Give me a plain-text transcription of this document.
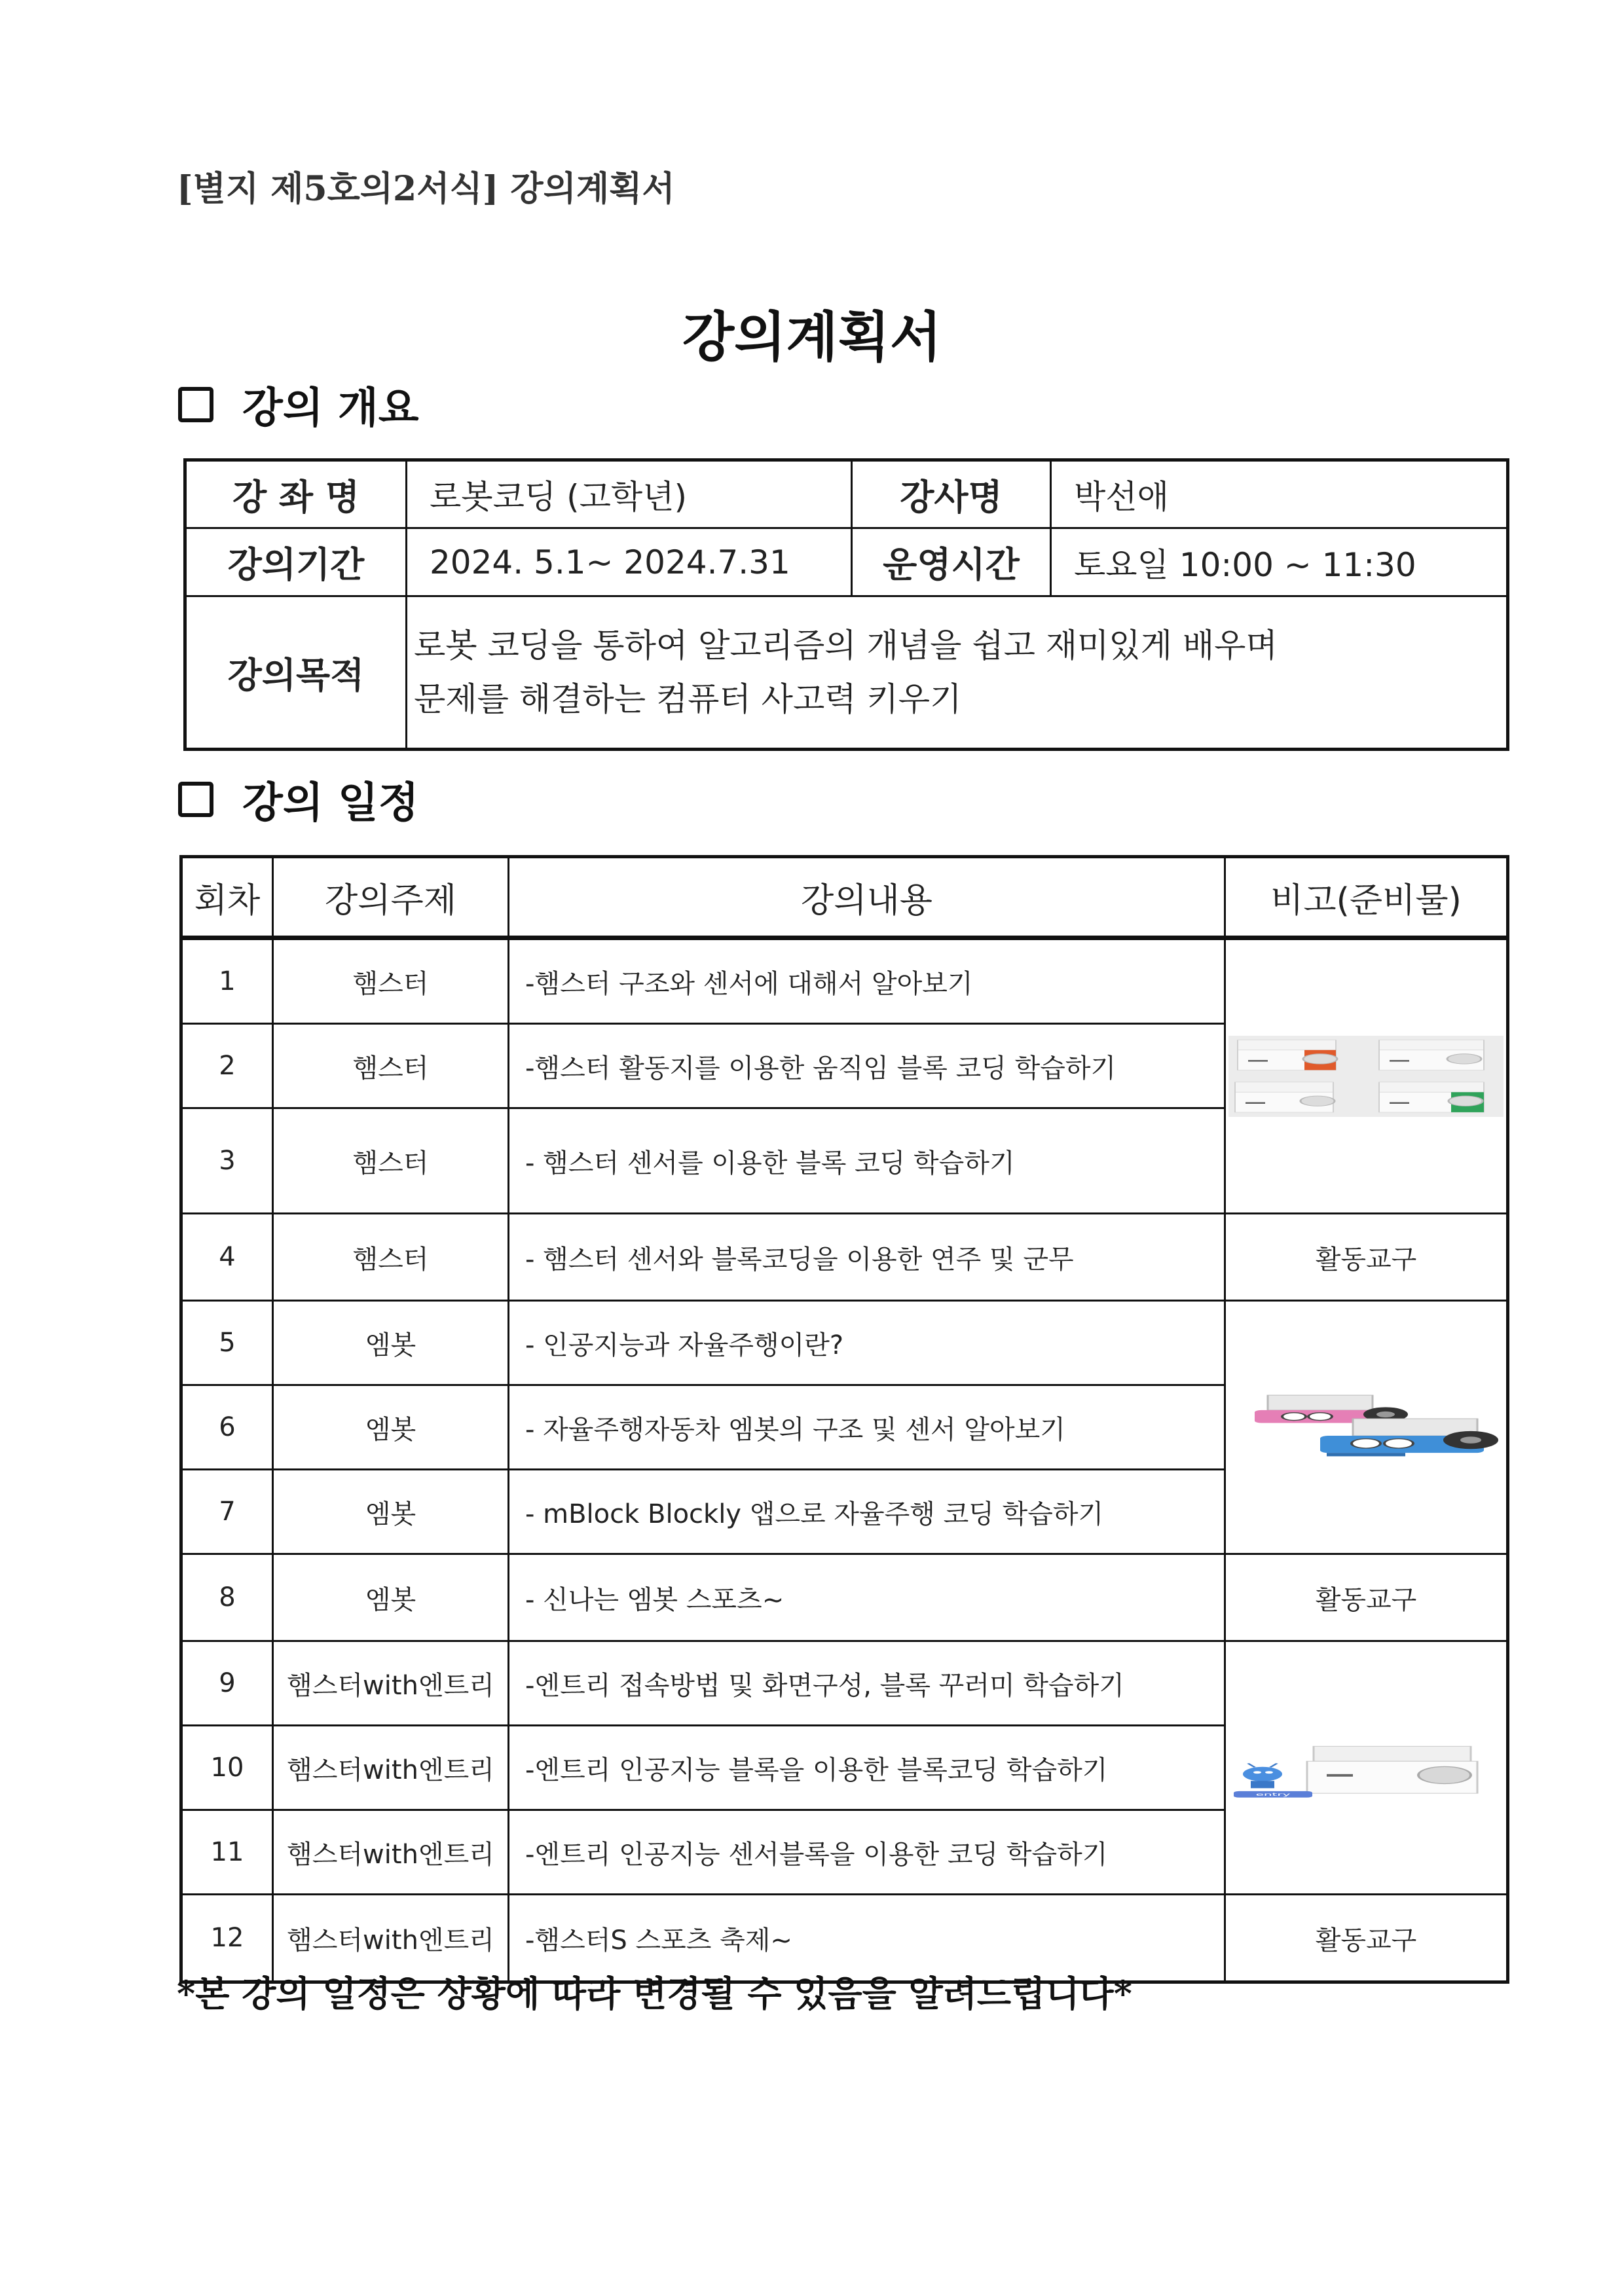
[별지 제5호의2서식] 강의계획서
강의계획서
강의 개요
강 좌 명	로봇코딩 (고학년)	강사명	박선애
강의기간	2024. 5.1~ 2024.7.31	운영시간	토요일 10:00 ~ 11:30
강의목적	로봇 코딩을 통하여 알고리즘의 개념을 쉽고 재미있게 배우며
문제를 해결하는 컴퓨터 사고력 키우기		
강의 일정
회차	강의주제	강의내용	비고(준비물)
1	햄스터	-햄스터 구조와 센서에 대해서 알아보기	

2	햄스터	-햄스터 활동지를 이용한 움직임 블록 코딩 학습하기	
3	햄스터	- 햄스터 센서를 이용한 블록 코딩 학습하기	
4	햄스터	- 햄스터 센서와 블록코딩을 이용한 연주 및 군무	활동교구
5	엠봇	- 인공지능과 자율주행이란?	

6	엠봇	- 자율주행자동차 엠봇의 구조 및 센서 알아보기	
7	엠봇	- mBlock Blockly 앱으로 자율주행 코딩 학습하기	
8	엠봇	- 신나는 엠봇 스포츠~	활동교구
9	햄스터with엔트리	-엔트리 접속방법 및 화면구성, 블록 꾸러미 학습하기	entry

10	햄스터with엔트리	-엔트리 인공지능 블록을 이용한 블록코딩 학습하기	
11	햄스터with엔트리	-엔트리 인공지능 센서블록을 이용한 코딩 학습하기	
12	햄스터with엔트리	-햄스터S 스포츠 축제~	활동교구
*본 강의 일정은 상황에 따라 변경될 수 있음을 알려드립니다*
